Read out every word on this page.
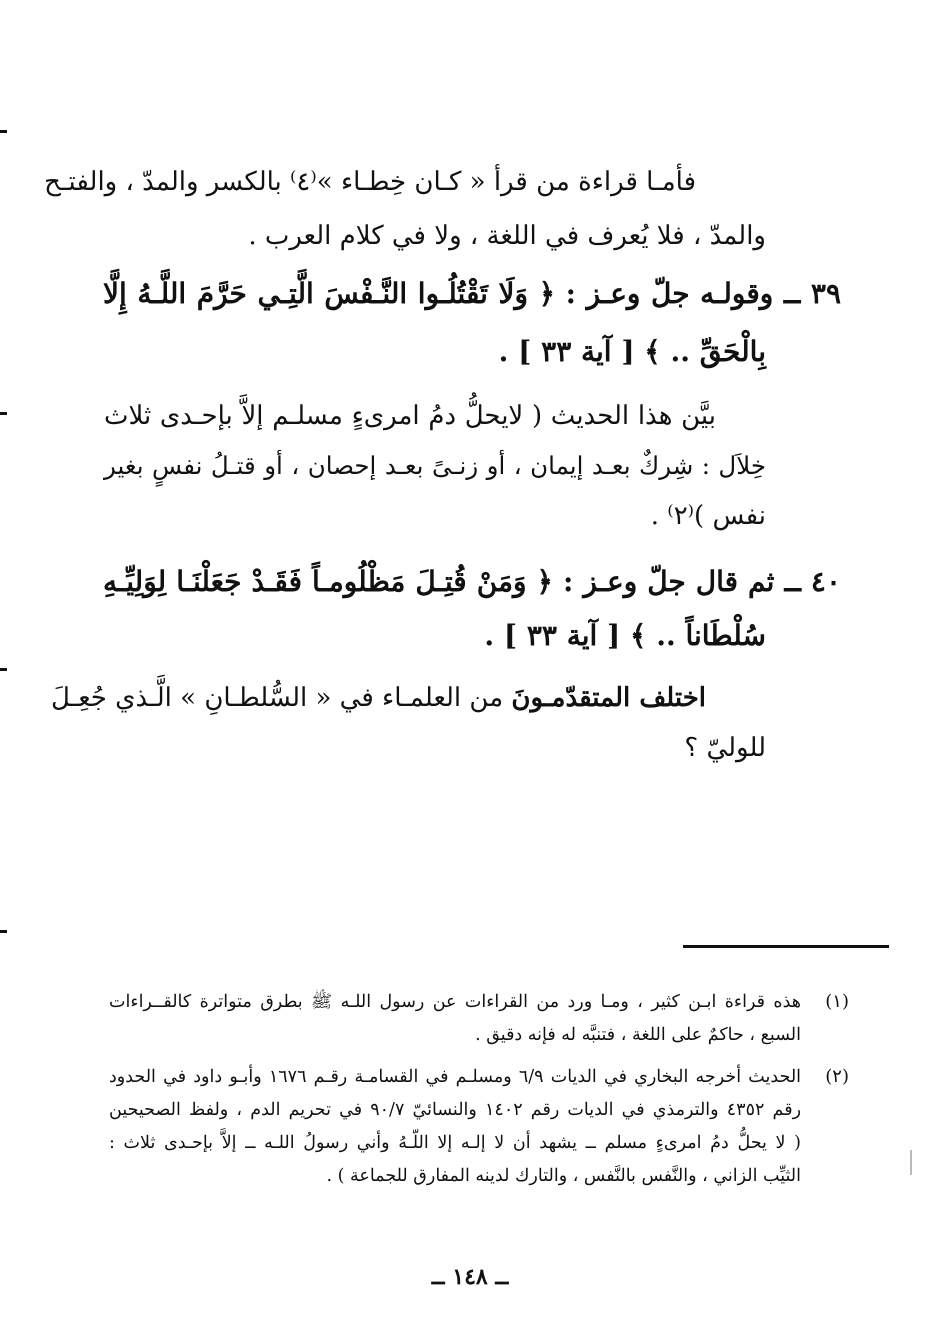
فأمـا قراءة من قرأ « كـان خِطـاء »⁽٤⁾ بالكسر والمدّ ، والفتـح
والمدّ ، فلا يُعرف في اللغة ، ولا في كلام العرب .
٣٩ ــ وقولـه جلّ وعـز : ﴿ وَلَا تَقْتُلُـوا النَّـفْسَ الَّتِـي حَرَّمَ اللَّـهُ إِلَّا
بِالْحَقِّ .. ﴾ [ آية ٣٣ ] .
بيَّن هذا الحديث ( لايحلُّ دمُ امرىءٍ مسلـم إلاَّ بإحـدى ثلاث
خِلاَل : شِركٌ بعـد إيمان ، أو زنـىً بعـد إحصان ، أو قتـلُ نفسٍ بغير
نفس )⁽٢⁾ .
٤٠ ــ ثم قال جلّ وعـز : ﴿ وَمَنْ قُتِـلَ مَظْلُومـاً فَقَـدْ جَعَلْنَـا لِوَلِيِّـهِ
سُلْطَاناً .. ﴾ [ آية ٣٣ ] .
اختلف المتقدّمـونَ من العلمـاء في « السُّلطـانِ » الَّـذي جُعِـلَ
للوليّ ؟
(١)
هذه قراءة ابـن كثير ، ومـا ورد من القراءات عن رسول اللـه ﷺ بطرق متواترة كالقــراءات
السبع ، حاكمٌ على اللغة ، فتنبَّه له فإنه دقيق .
(٢)
الحديث أخرجه البخاري في الديات ٦/٩ ومسلـم في القسامـة رقـم ١٦٧٦ وأبـو داود في الحدود
رقم ٤٣٥٢ والترمذي في الديات رقم ١٤٠٢ والنسائيّ ٩٠/٧ في تحريم الدم ، ولفظ الصحيحين
( لا يحلُّ دمُ امرىءٍ مسلم ــ يشهد أن لا إلـه إلا اللّـهُ وأني رسولُ اللـه ــ إلاَّ بإحـدى ثلاث :
الثيِّب الزاني ، والنَّفس بالنَّفس ، والتارك لدينه المفارق للجماعة ) .
ــ ١٤٨ ــ
